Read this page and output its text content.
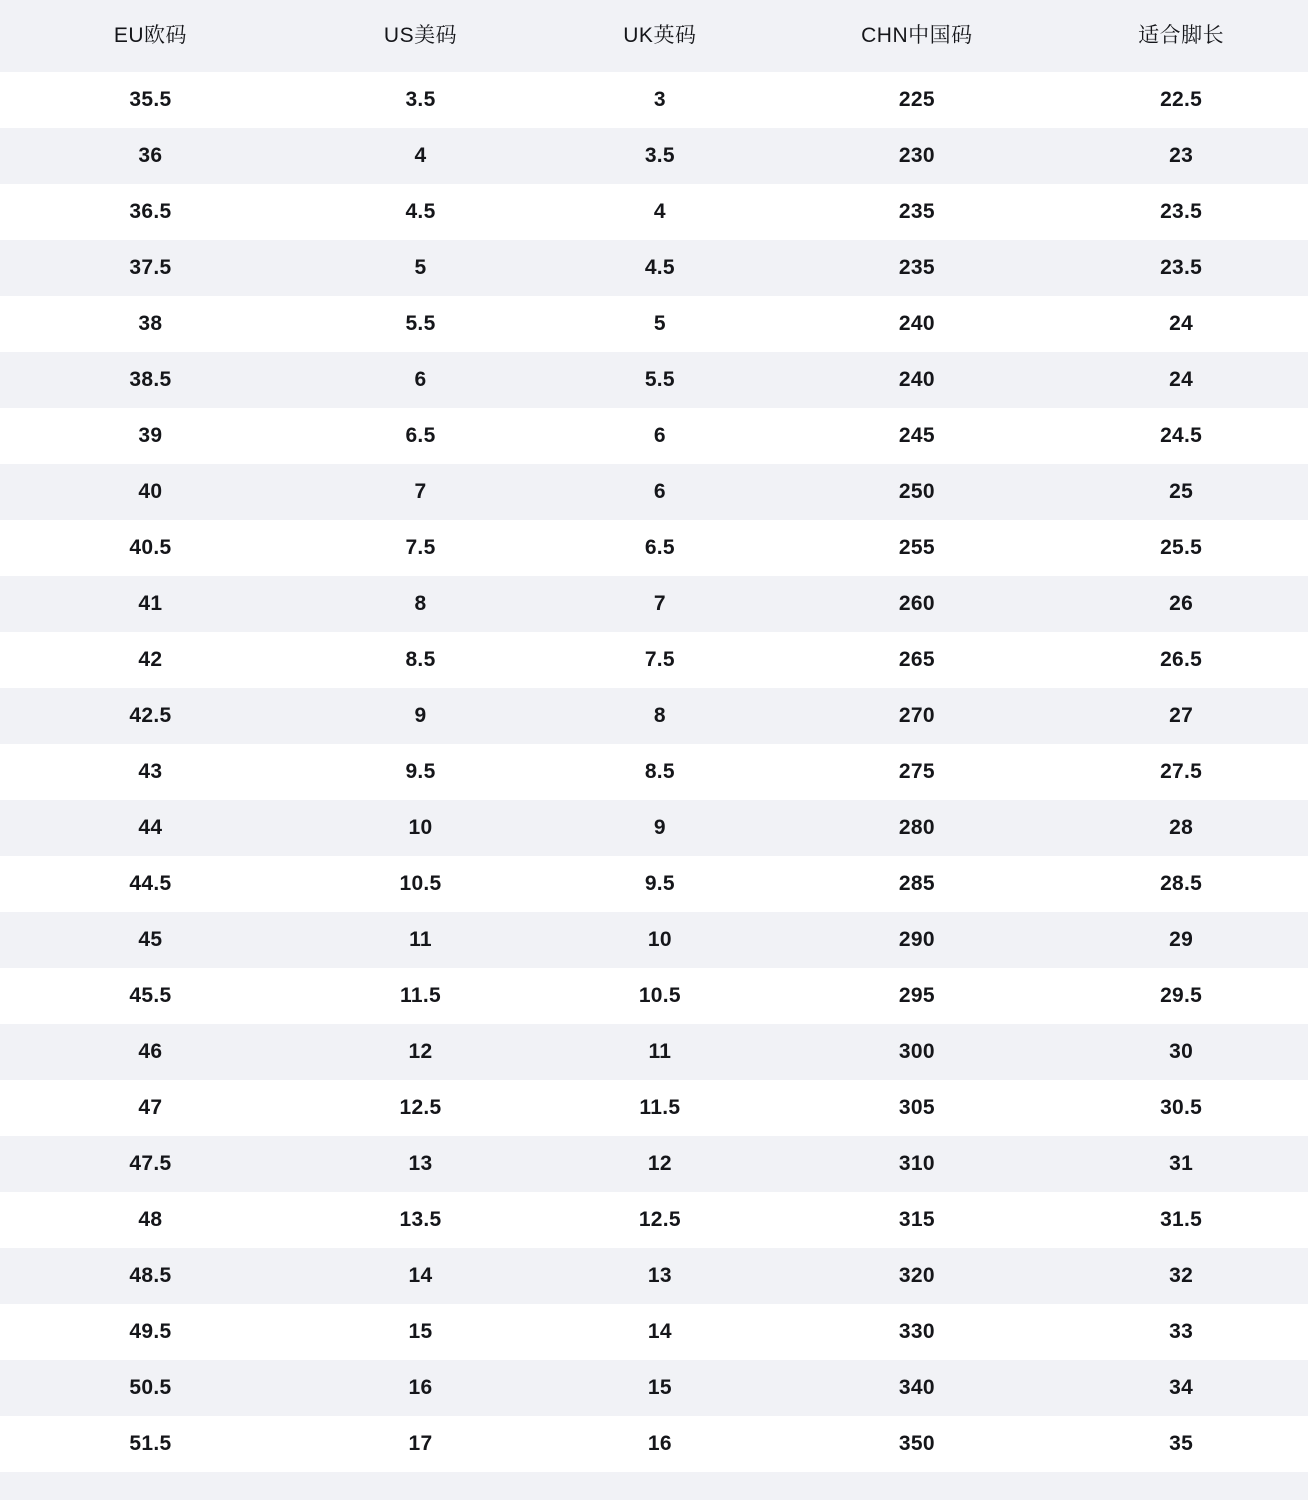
EU欧码	US美码	UK英码	CHN中国码	适合脚长

35.5	3.5	3	225	22.5

36	4	3.5	230	23

36.5	4.5	4	235	23.5

37.5	5	4.5	235	23.5

38	5.5	5	240	24

38.5	6	5.5	240	24

39	6.5	6	245	24.5

40	7	6	250	25

40.5	7.5	6.5	255	25.5

41	8	7	260	26

42	8.5	7.5	265	26.5

42.5	9	8	270	27

43	9.5	8.5	275	27.5

44	10	9	280	28

44.5	10.5	9.5	285	28.5

45	11	10	290	29

45.5	11.5	10.5	295	29.5

46	12	11	300	30

47	12.5	11.5	305	30.5

47.5	13	12	310	31

48	13.5	12.5	315	31.5

48.5	14	13	320	32

49.5	15	14	330	33

50.5	16	15	340	34

51.5	17	16	350	35
